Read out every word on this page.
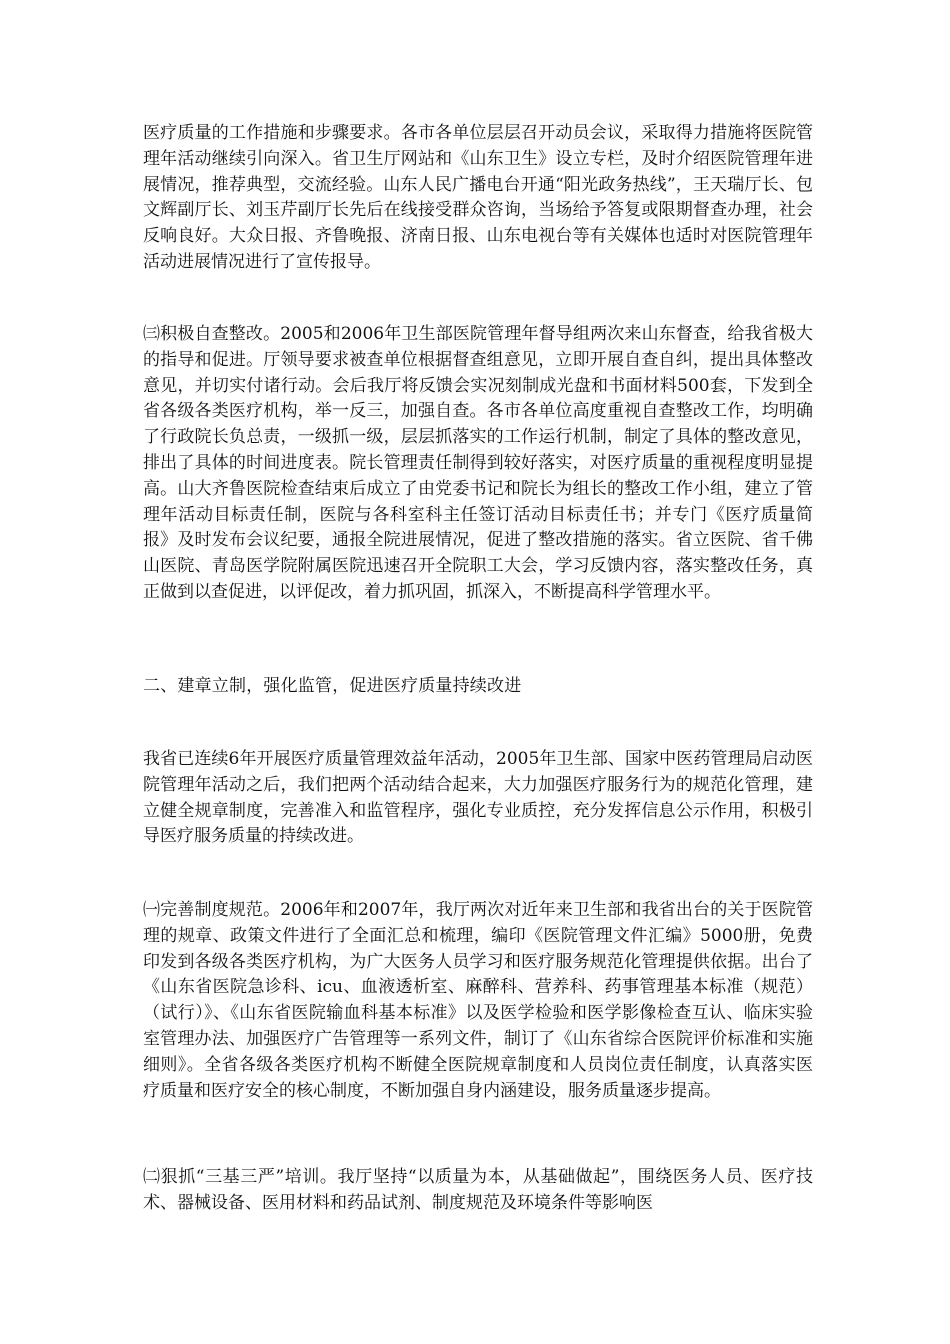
医疗质量的工作措施和步骤要求。各市各单位层层召开动员会议，采取得力措施将医院管理年活动继续引向深入。省卫生厅网站和《山东卫生》设立专栏，及时介绍医院管理年进展情况，推荐典型，交流经验。山东人民广播电台开通“阳光政务热线”，王天瑞厅长、包文辉副厅长、刘玉芹副厅长先后在线接受群众咨询，当场给予答复或限期督查办理，社会反响良好。大众日报、齐鲁晚报、济南日报、山东电视台等有关媒体也适时对医院管理年活动进展情况进行了宣传报导。

㈢积极自查整改。2005和2006年卫生部医院管理年督导组两次来山东督查，给我省极大的指导和促进。厅领导要求被查单位根据督查组意见，立即开展自查自纠，提出具体整改意见，并切实付诸行动。会后我厅将反馈会实况刻制成光盘和书面材料500套，下发到全省各级各类医疗机构，举一反三，加强自查。各市各单位高度重视自查整改工作，均明确了行政院长负总责，一级抓一级，层层抓落实的工作运行机制，制定了具体的整改意见，排出了具体的时间进度表。院长管理责任制得到较好落实，对医疗质量的重视程度明显提高。山大齐鲁医院检查结束后成立了由党委书记和院长为组长的整改工作小组，建立了管理年活动目标责任制，医院与各科室科主任签订活动目标责任书；并专门《医疗质量简报》及时发布会议纪要，通报全院进展情况，促进了整改措施的落实。省立医院、省千佛山医院、青岛医学院附属医院迅速召开全院职工大会，学习反馈内容，落实整改任务，真正做到以查促进，以评促改，着力抓巩固，抓深入，不断提高科学管理水平。

二、建章立制，强化监管，促进医疗质量持续改进

我省已连续6年开展医疗质量管理效益年活动，2005年卫生部、国家中医药管理局启动医院管理年活动之后，我们把两个活动结合起来，大力加强医疗服务行为的规范化管理，建立健全规章制度，完善准入和监管程序，强化专业质控，充分发挥信息公示作用，积极引导医疗服务质量的持续改进。

㈠完善制度规范。2006年和2007年，我厅两次对近年来卫生部和我省出台的关于医院管理的规章、政策文件进行了全面汇总和梳理，编印《医院管理文件汇编》5000册，免费印发到各级各类医疗机构，为广大医务人员学习和医疗服务规范化管理提供依据。出台了《山东省医院急诊科、icu、血液透析室、麻醉科、营养科、药事管理基本标准（规范）（试行）》、《山东省医院输血科基本标准》以及医学检验和医学影像检查互认、临床实验室管理办法、加强医疗广告管理等一系列文件，制订了《山东省综合医院评价标准和实施细则》。全省各级各类医疗机构不断健全医院规章制度和人员岗位责任制度，认真落实医疗质量和医疗安全的核心制度，不断加强自身内涵建设，服务质量逐步提高。

㈡狠抓“三基三严”培训。我厅坚持“以质量为本，从基础做起”，围绕医务人员、医疗技术、器械设备、医用材料和药品试剂、制度规范及环境条件等影响医
